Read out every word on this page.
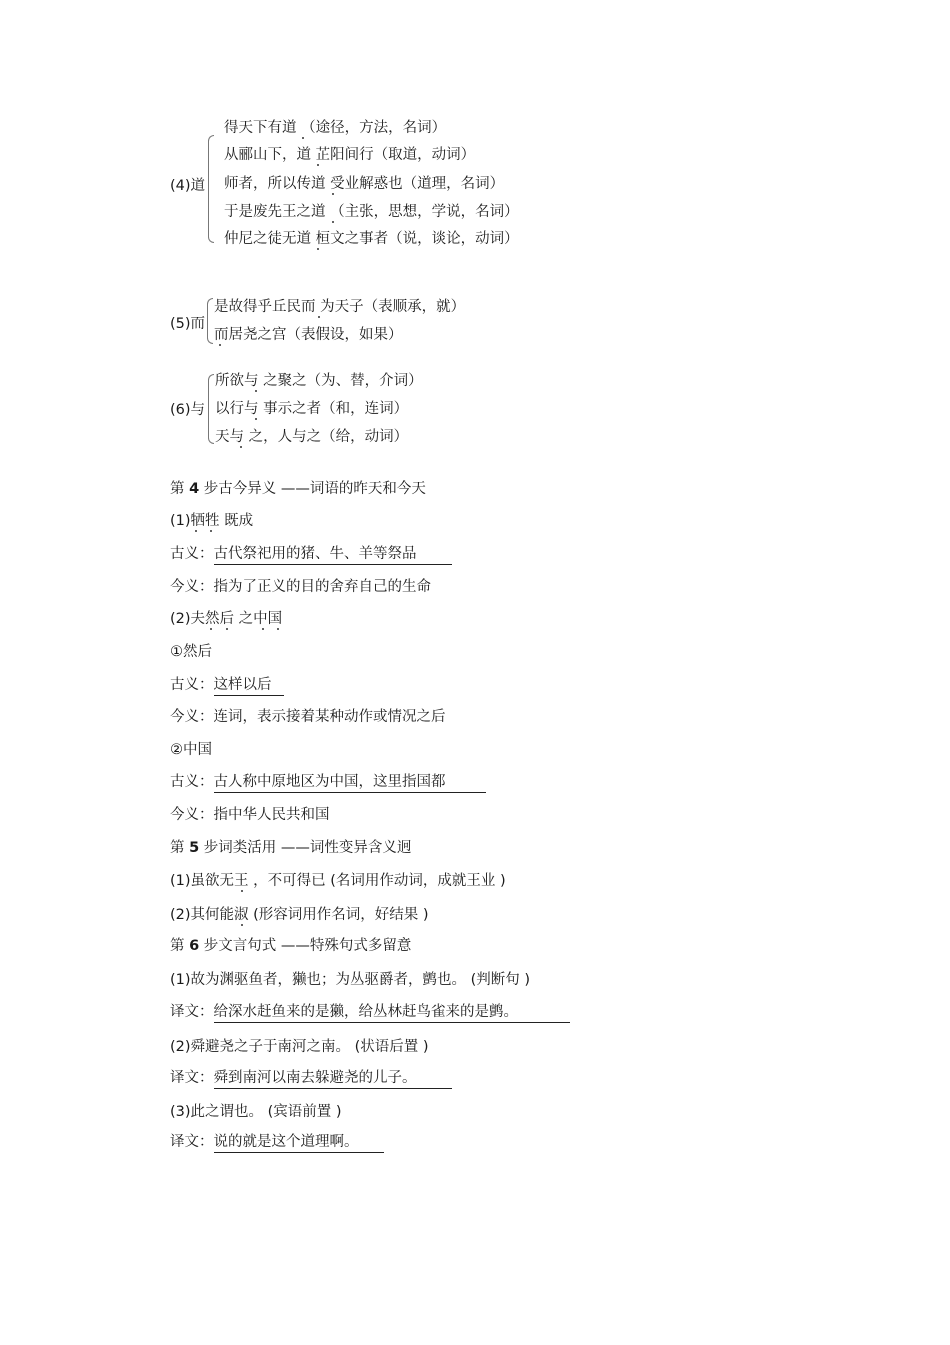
(4)道
得天下有道 （途径，方法，名词）
从郦山下，道 芷阳间行（取道，动词）
师者，所以传道 受业解惑也（道理，名词）
于是废先王之道 （主张，思想，学说，名词）
仲尼之徒无道 桓文之事者（说，谈论，动词）
(5)而
是故得乎丘民而 为天子（表顺承，就）
而居尧之宫（表假设，如果）
(6)与
所欲与 之聚之（为、替，介词）
以行与 事示之者（和，连词）
天与 之，人与之（给，动词）
第 4 步古今异义 ——词语的昨天和今天
(1)牺牲 既成
古义：古代祭祀用的猪、牛、羊等祭品
今义：指为了正义的目的舍弃自己的生命
(2)夫然后 之中国
①然后
古义：这样以后
今义：连词，表示接着某种动作或情况之后
②中国
古义：古人称中原地区为中国，这里指国都
今义：指中华人民共和国
第 5 步词类活用 ——词性变异含义迥
(1)虽欲无王 ，不可得已 (名词用作动词，成就王业 )
(2)其何能淑 (形容词用作名词，好结果 )
第 6 步文言句式 ——特殊句式多留意
(1)故为渊驱鱼者，獭也；为丛驱爵者，鹯也。 (判断句 )
译文：给深水赶鱼来的是獭，给丛林赶鸟雀来的是鹯。
(2)舜避尧之子于南河之南。 (状语后置 )
译文：舜到南河以南去躲避尧的儿子。
(3)此之谓也。 (宾语前置 )
译文：说的就是这个道理啊。
